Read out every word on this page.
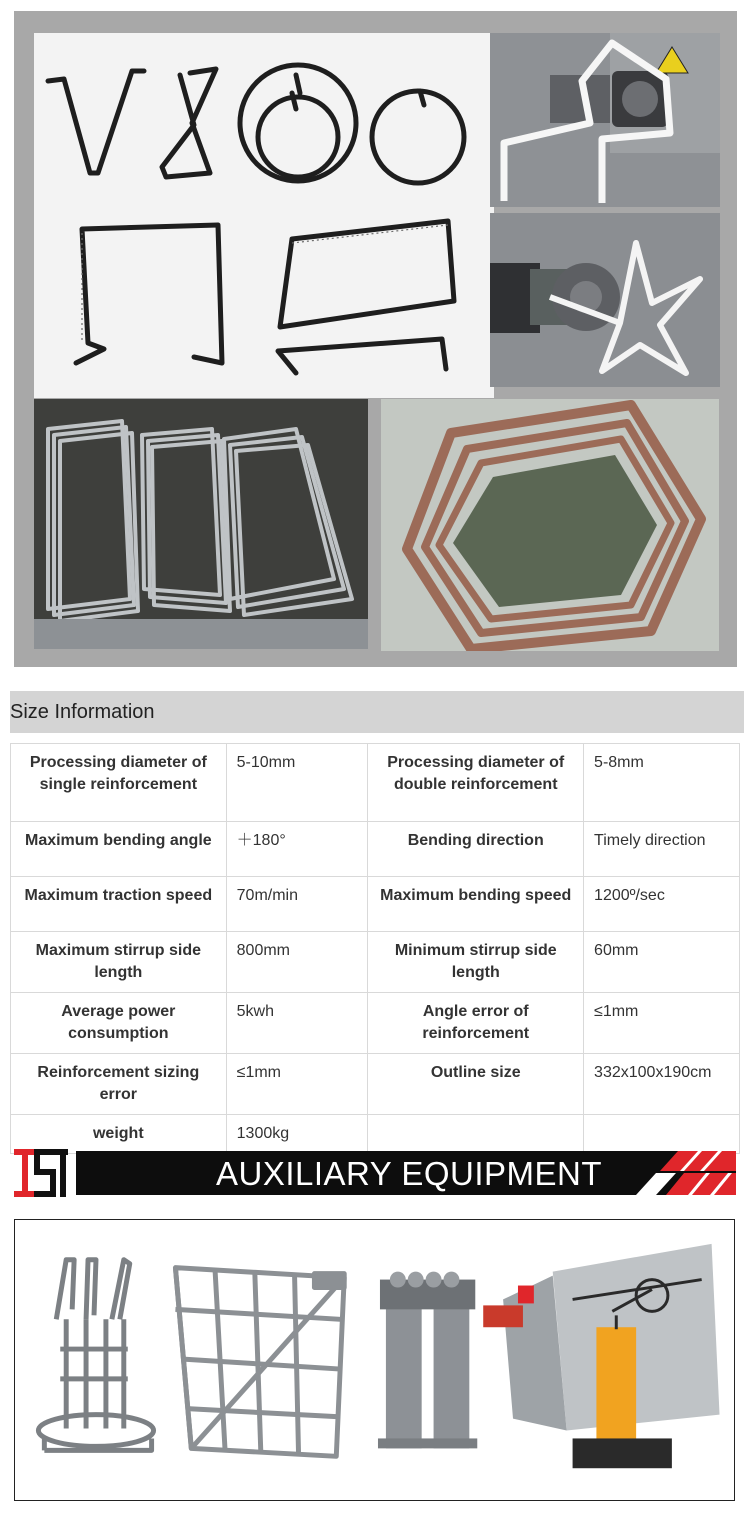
Size Information
Processing diameter of single reinforcement	5-10mm	Processing diameter of double reinforcement	5-8mm
Maximum bending angle	＋180°	Bending direction	Timely direction
Maximum traction speed	70m/min	Maximum bending speed	1200º/sec
Maximum stirrup side length	800mm	Minimum stirrup side length	60mm
Average power consumption	5kwh	Angle error of reinforcement	≤1mm
Reinforcement sizing error	≤1mm	Outline size	332x100x190cm
weight	1300kg		
AUXILIARY EQUIPMENT
